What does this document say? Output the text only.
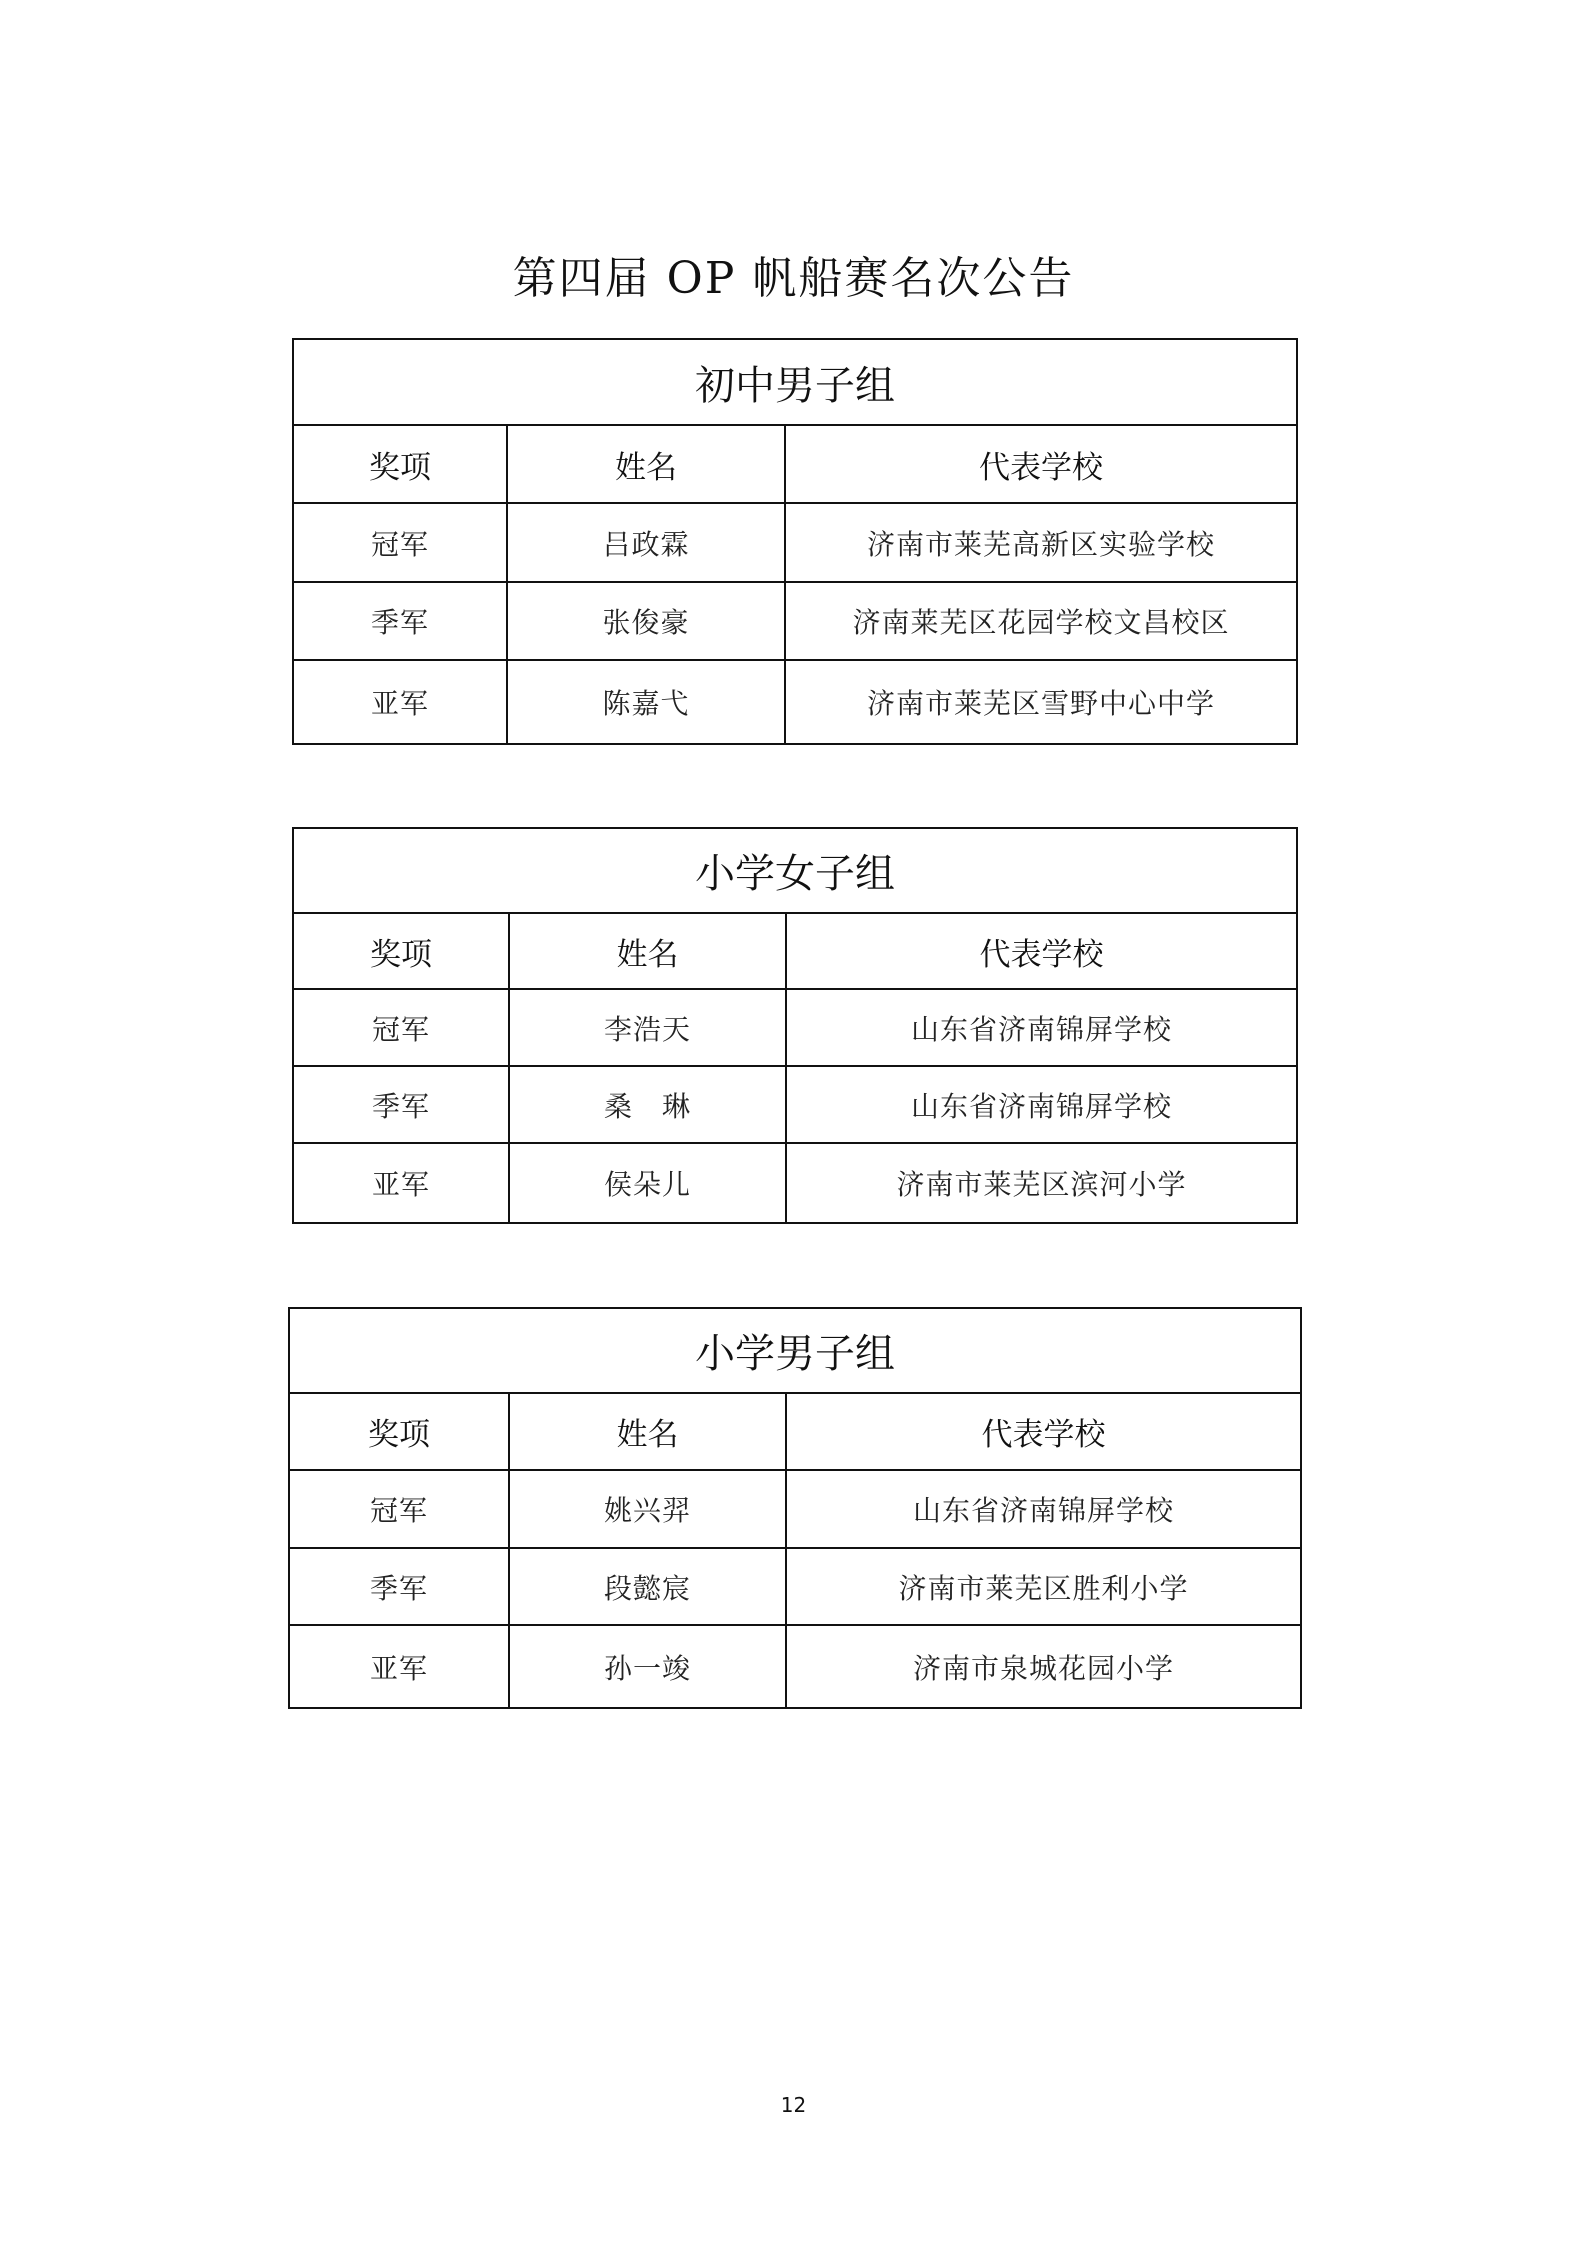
第四届 OP 帆船赛名次公告
初中男子组		
奖项	姓名	代表学校
冠军	吕政霖	济南市莱芜高新区实验学校
季军	张俊豪	济南莱芜区花园学校文昌校区
亚军	陈嘉弋	济南市莱芜区雪野中心中学
小学女子组		
奖项	姓名	代表学校
冠军	李浩天	山东省济南锦屏学校
季军	桑　琳	山东省济南锦屏学校
亚军	侯朵儿	济南市莱芜区滨河小学
小学男子组		
奖项	姓名	代表学校
冠军	姚兴羿	山东省济南锦屏学校
季军	段懿宸	济南市莱芜区胜利小学
亚军	孙一竣	济南市泉城花园小学
12
